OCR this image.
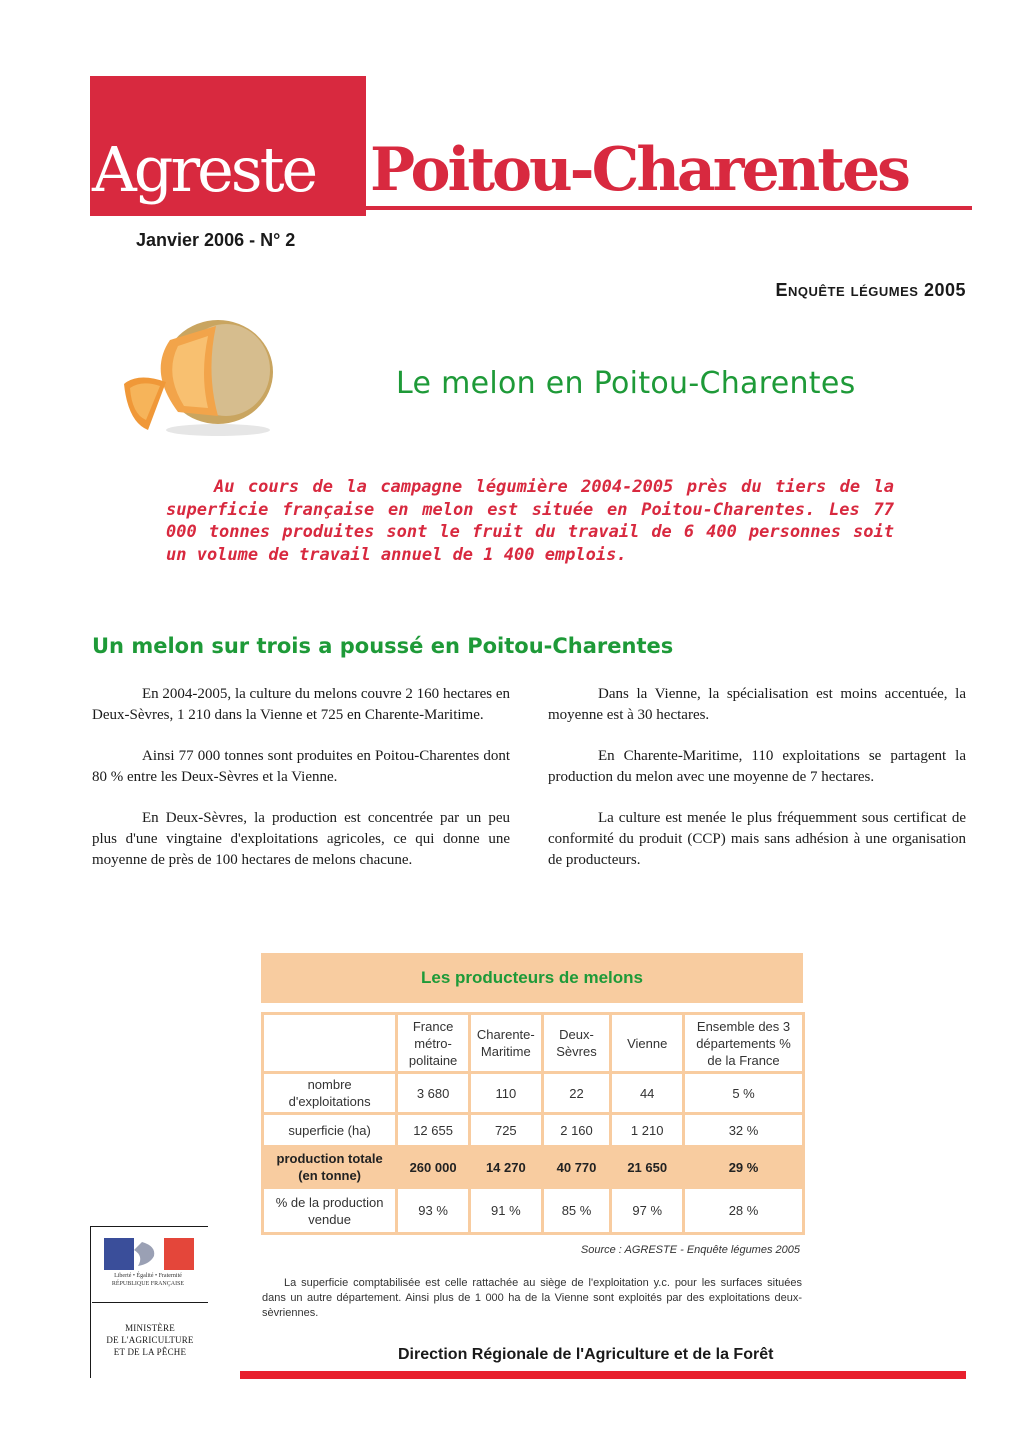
Agreste Poitou-Charentes
Janvier 2006 - N° 2
Enquête légumes 2005
Le melon en Poitou-Charentes
Au cours de la campagne légumière 2004-2005 près du tiers de la superficie française en melon est située en Poitou-Charentes. Les 77 000 tonnes produites sont le fruit du travail de 6 400 personnes soit un volume de travail annuel de 1 400 emplois.
Un melon sur trois a poussé en Poitou-Charentes

En 2004-2005, la culture du melons couvre 2 160 hectares en Deux-Sèvres, 1 210 dans la Vienne et 725 en Charente-Maritime.

Ainsi 77 000 tonnes sont produites en Poitou-Charentes dont 80 % entre les Deux-Sèvres et la Vienne.

En Deux-Sèvres, la production est concentrée par un peu plus d'une vingtaine d'exploitations agricoles, ce qui donne une moyenne de près de 100 hectares de melons chacune.

Dans la Vienne, la spécialisation est moins accentuée, la moyenne est à 30 hectares.

En Charente-Maritime, 110 exploitations se partagent la production du melon avec une moyenne de 7 hectares.

La culture est menée le plus fréquemment sous certificat de conformité du produit (CCP) mais sans adhésion à une organisation de producteurs.

Les producteurs de melons
	France métro-politaine	Charente-Maritime	Deux-Sèvres	Vienne	Ensemble des 3 départements % de la France
nombre d'exploitations	3 680	110	22	44	5 %
superficie (ha)	12 655	725	2 160	1 210	32 %
production totale (en tonne)	260 000	14 270	40 770	21 650	29 %
% de la production vendue	93 %	91 %	85 %	97 %	28 %
Source : AGRESTE - Enquête légumes 2005
La superficie comptabilisée est celle rattachée au siège de l'exploitation y.c. pour les surfaces situées dans un autre département. Ainsi plus de 1 000 ha de la Vienne sont exploités par des exploitations deux-sèvriennes.
Liberté • Égalité • Fraternité
RÉPUBLIQUE FRANÇAISE
MINISTÈRE
DE L'AGRICULTURE
ET DE LA PÊCHE	Direction Régionale de l'Agriculture et de la Forêt
